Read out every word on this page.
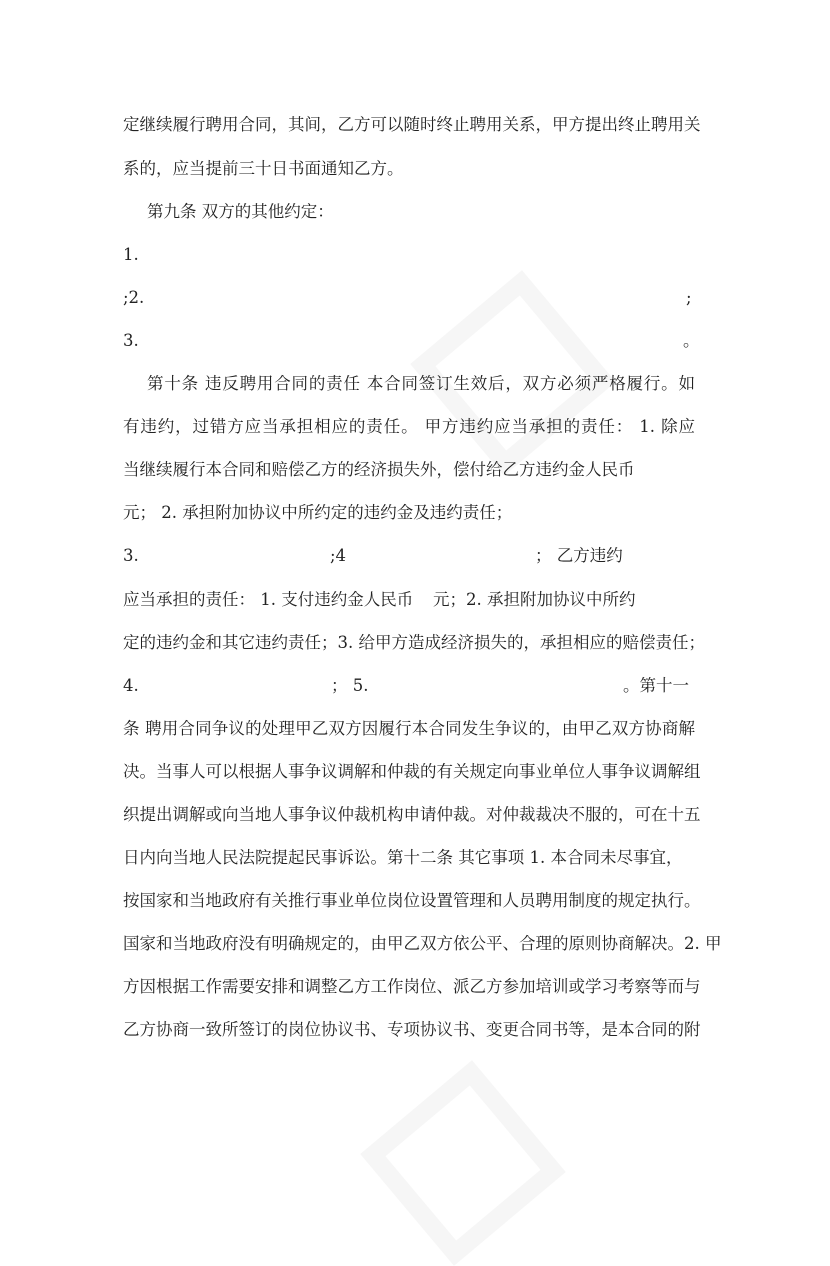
定继续履行聘用合同，其间，乙方可以随时终止聘用关系，甲方提出终止聘用关
系的，应当提前三十日书面通知乙方。
第九条 双方的其他约定：
1.
;2.	;
3.	。
第十条 违反聘用合同的责任 本合同签订生效后，双方必须严格履行。如
有违约，过错方应当承担相应的责任。 甲方违约应当承担的责任： 1. 除应
当继续履行本合同和赔偿乙方的经济损失外，偿付给乙方违约金人民币
元； 2. 承担附加协议中所约定的违约金及违约责任；
3.	;4	； 乙方违约
应当承担的责任： 1. 支付违约金人民币 元；2. 承担附加协议中所约
定的违约金和其它违约责任；3. 给甲方造成经济损失的，承担相应的赔偿责任；
4.	； 5.	。第十一
条 聘用合同争议的处理甲乙双方因履行本合同发生争议的，由甲乙双方协商解
决。当事人可以根据人事争议调解和仲裁的有关规定向事业单位人事争议调解组
织提出调解或向当地人事争议仲裁机构申请仲裁。对仲裁裁决不服的，可在十五
日内向当地人民法院提起民事诉讼。第十二条 其它事项 1. 本合同未尽事宜，
按国家和当地政府有关推行事业单位岗位设置管理和人员聘用制度的规定执行。
国家和当地政府没有明确规定的，由甲乙双方依公平、合理的原则协商解决。2. 甲
方因根据工作需要安排和调整乙方工作岗位、派乙方参加培训或学习考察等而与
乙方协商一致所签订的岗位协议书、专项协议书、变更合同书等，是本合同的附
